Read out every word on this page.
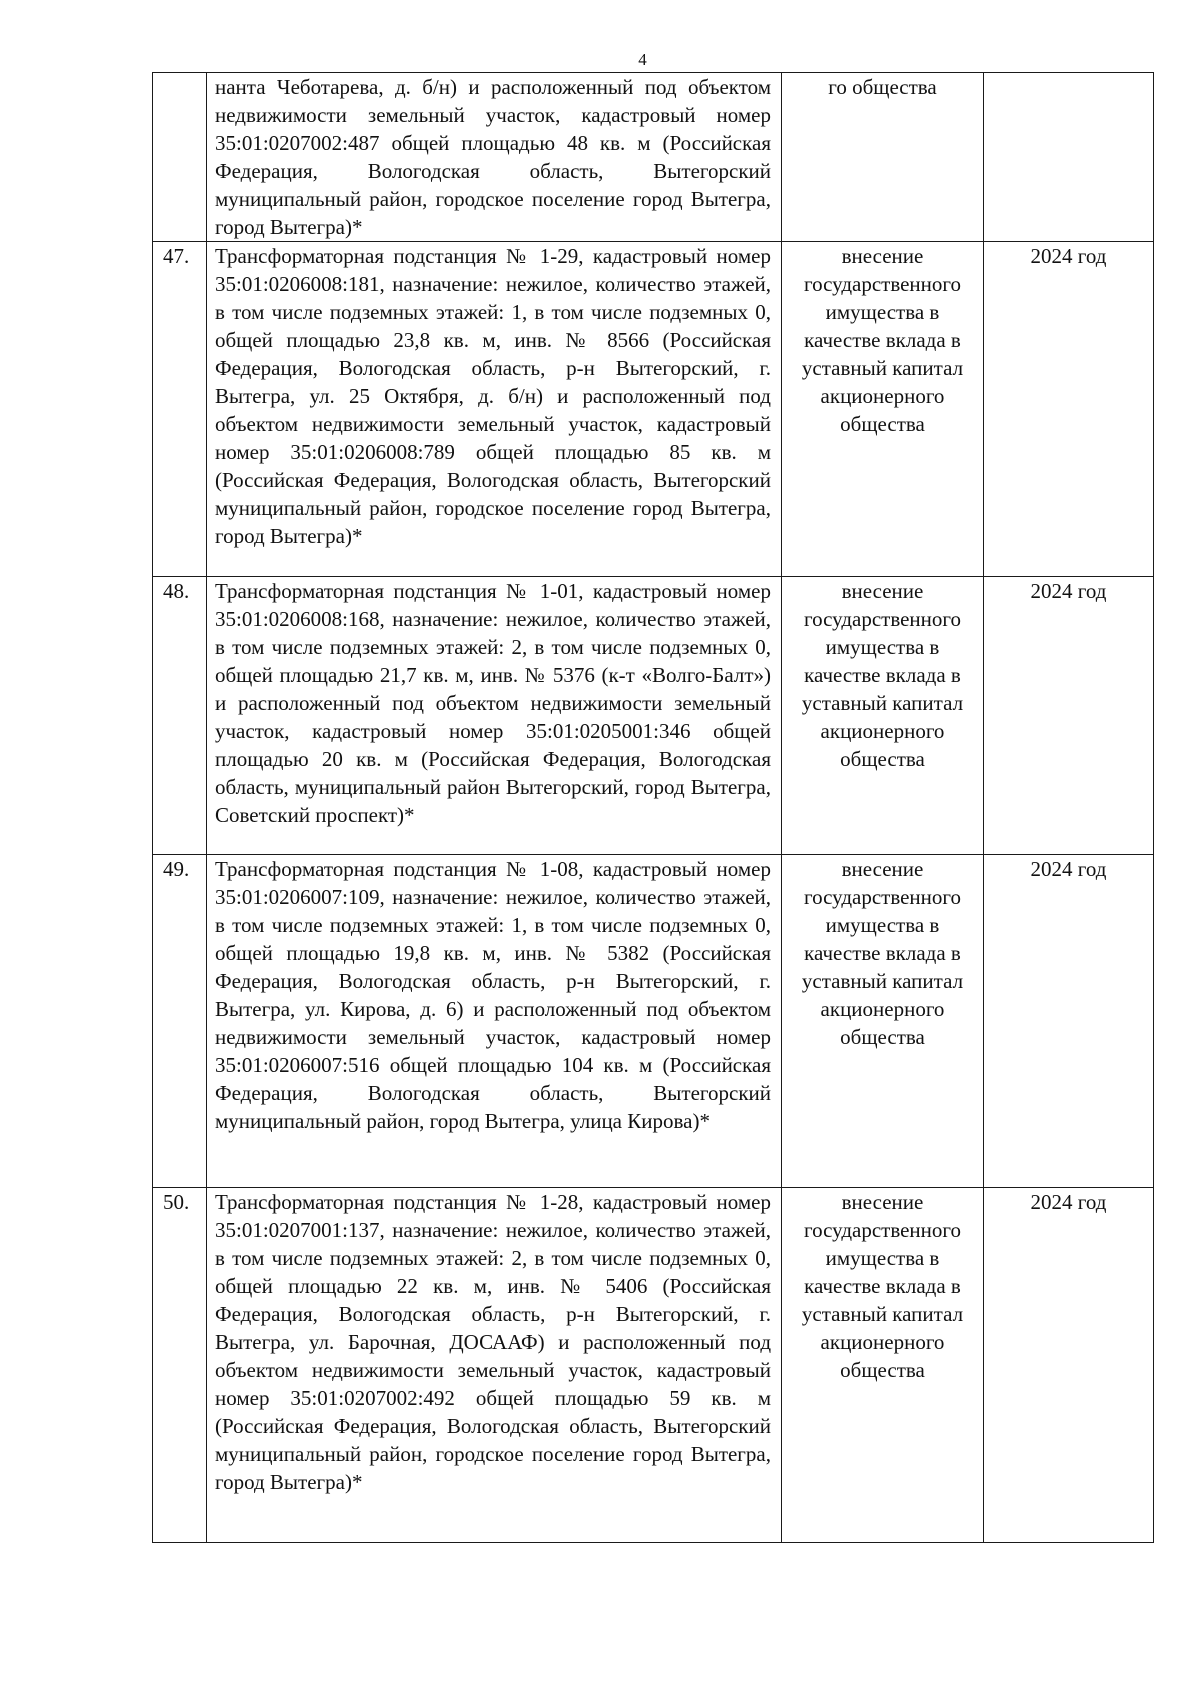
4
	нанта Чеботарева, д. б/н) и расположенный под объектом недвижимости земельный участок, кадастровый номер 35:01:0207002:487 общей площадью 48 кв. м (Российская Федерация, Вологодская область, Вытегорский муниципальный район, городское поселение город Вытегра, город Вытегра)*	го общества	
47.	Трансформаторная подстанция № 1-29, кадастровый номер 35:01:0206008:181, назначение: нежилое, количество этажей, в том числе подземных этажей: 1, в том числе подземных 0, общей площадью 23,8 кв. м, инв. № 8566 (Российская Федерация, Вологодская область, р-н Вытегорский, г. Вытегра, ул. 25 Октября, д. б/н) и расположенный под объектом недвижимости земельный участок, кадастровый номер 35:01:0206008:789 общей площадью 85 кв. м (Российская Федерация, Вологодская область, Вытегорский муниципальный район, городское поселение город Вытегра, город Вытегра)*	внесение государственного имущества в качестве вклада в уставный капитал акционерного общества	2024 год
48.	Трансформаторная подстанция № 1-01, кадастровый номер 35:01:0206008:168, назначение: нежилое, количество этажей, в том числе подземных этажей: 2, в том числе подземных 0, общей площадью 21,7 кв. м, инв. № 5376 (к-т «Волго-Балт») и расположенный под объектом недвижимости земельный участок, кадастровый номер 35:01:0205001:346 общей площадью 20 кв. м (Российская Федерация, Вологодская область, муниципальный район Вытегорский, город Вытегра, Советский проспект)*	внесение государственного имущества в качестве вклада в уставный капитал акционерного общества	2024 год
49.	Трансформаторная подстанция № 1-08, кадастровый номер 35:01:0206007:109, назначение: нежилое, количество этажей, в том числе подземных этажей: 1, в том числе подземных 0, общей площадью 19,8 кв. м, инв. № 5382 (Российская Федерация, Вологодская область, р-н Вытегорский, г. Вытегра, ул. Кирова, д. 6) и расположенный под объектом недвижимости земельный участок, кадастровый номер 35:01:0206007:516 общей площадью 104 кв. м (Российская Федерация, Вологодская область, Вытегорский муниципальный район, город Вытегра, улица Кирова)*	внесение государственного имущества в качестве вклада в уставный капитал акционерного общества	2024 год
50.	Трансформаторная подстанция № 1-28, кадастровый номер 35:01:0207001:137, назначение: нежилое, количество этажей, в том числе подземных этажей: 2, в том числе подземных 0, общей площадью 22 кв. м, инв. № 5406 (Российская Федерация, Вологодская область, р-н Вытегорский, г. Вытегра, ул. Барочная, ДОСААФ) и расположенный под объектом недвижимости земельный участок, кадастровый номер 35:01:0207002:492 общей площадью 59 кв. м (Российская Федерация, Вологодская область, Вытегорский муниципальный район, городское поселение город Вытегра, город Вытегра)*	внесение государственного имущества в качестве вклада в уставный капитал акционерного общества	2024 год
